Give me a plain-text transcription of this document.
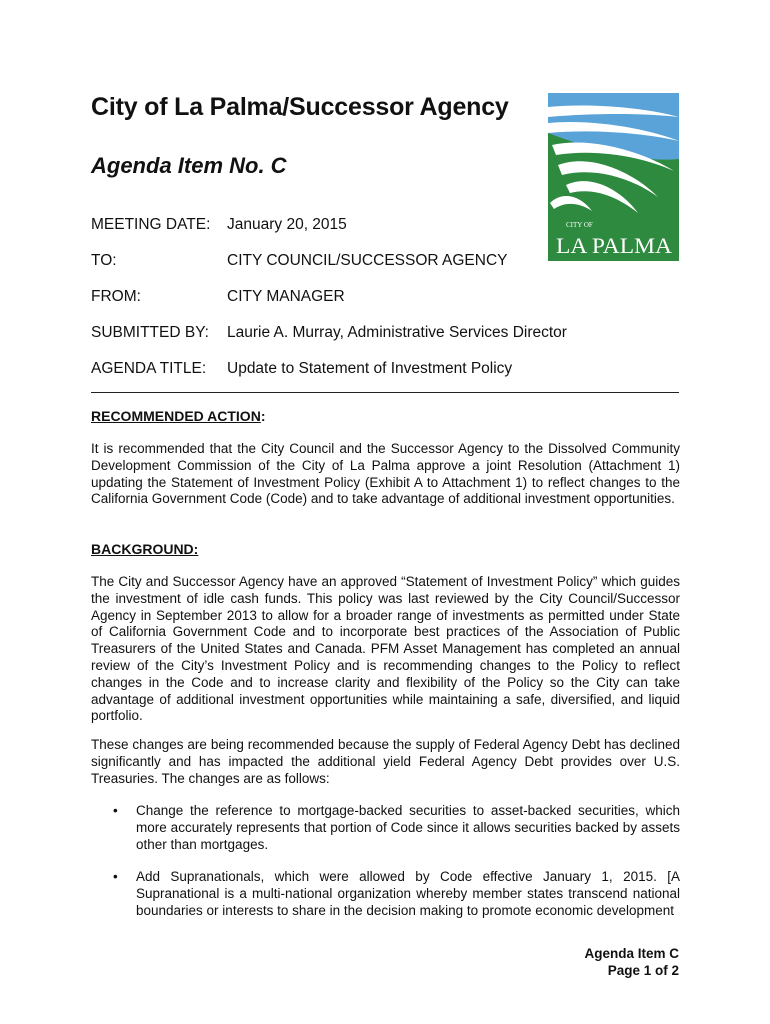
City of La Palma/Successor Agency
Agenda Item No. C
CITY OF
LA PALMA
MEETING DATE:	January 20, 2015
TO:	CITY COUNCIL/SUCCESSOR AGENCY
FROM:	CITY MANAGER
SUBMITTED BY:	Laurie A. Murray, Administrative Services Director
AGENDA TITLE:	Update to Statement of Investment Policy
RECOMMENDED ACTION:

It is recommended that the City Council and the Successor Agency to the Dissolved Community Development Commission of the City of La Palma approve a joint Resolution (Attachment 1) updating the Statement of Investment Policy (Exhibit A to Attachment 1) to reflect changes to the California Government Code (Code) and to take advantage of additional investment opportunities.

BACKGROUND:

The City and Successor Agency have an approved “Statement of Investment Policy” which guides the investment of idle cash funds. This policy was last reviewed by the City Council/Successor Agency in September 2013 to allow for a broader range of investments as permitted under State of California Government Code and to incorporate best practices of the Association of Public Treasurers of the United States and Canada. PFM Asset Management has completed an annual review of the City’s Investment Policy and is recommending changes to the Policy to reflect changes in the Code and to increase clarity and flexibility of the Policy so the City can take advantage of additional investment opportunities while maintaining a safe, diversified, and liquid portfolio.

These changes are being recommended because the supply of Federal Agency Debt has declined significantly and has impacted the additional yield Federal Agency Debt provides over U.S. Treasuries. The changes are as follows:

• Change the reference to mortgage-backed securities to asset-backed securities, which more accurately represents that portion of Code since it allows securities backed by assets other than mortgages.
• Add Supranationals, which were allowed by Code effective January 1, 2015. [A Supranational is a multi-national organization whereby member states transcend national boundaries or interests to share in the decision making to promote economic development
Agenda Item C
Page 1 of 2
